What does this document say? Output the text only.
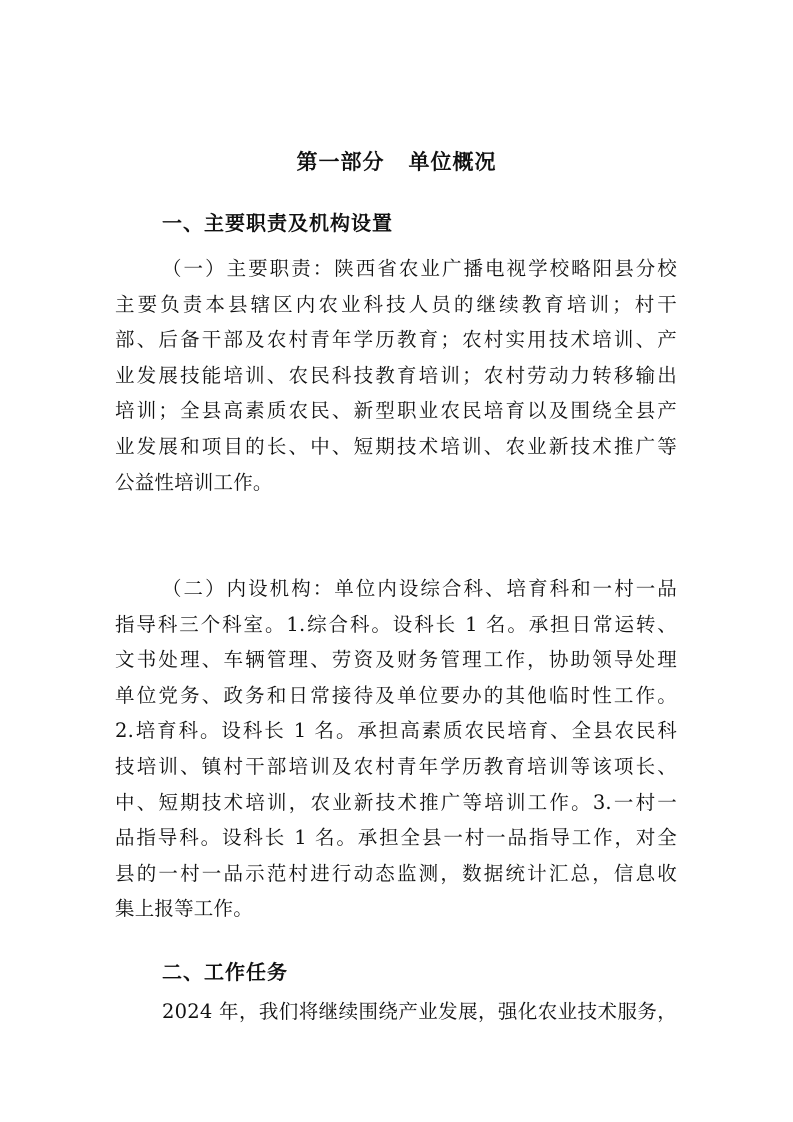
第一部分 单位概况
一、主要职责及机构设置
（一）主要职责：陕西省农业广播电视学校略阳县分校
主要负责本县辖区内农业科技人员的继续教育培训；村干
部、后备干部及农村青年学历教育；农村实用技术培训、产
业发展技能培训、农民科技教育培训；农村劳动力转移输出
培训；全县高素质农民、新型职业农民培育以及围绕全县产
业发展和项目的长、中、短期技术培训、农业新技术推广等
公益性培训工作。
（二）内设机构：单位内设综合科、培育科和一村一品
指导科三个科室。1.综合科。设科长 1 名。承担日常运转、
文书处理、车辆管理、劳资及财务管理工作，协助领导处理
单位党务、政务和日常接待及单位要办的其他临时性工作。
2.培育科。设科长 1 名。承担高素质农民培育、全县农民科
技培训、镇村干部培训及农村青年学历教育培训等该项长、
中、短期技术培训，农业新技术推广等培训工作。3.一村一
品指导科。设科长 1 名。承担全县一村一品指导工作，对全
县的一村一品示范村进行动态监测，数据统计汇总，信息收
集上报等工作。
二、工作任务
2024 年，我们将继续围绕产业发展，强化农业技术服务，
